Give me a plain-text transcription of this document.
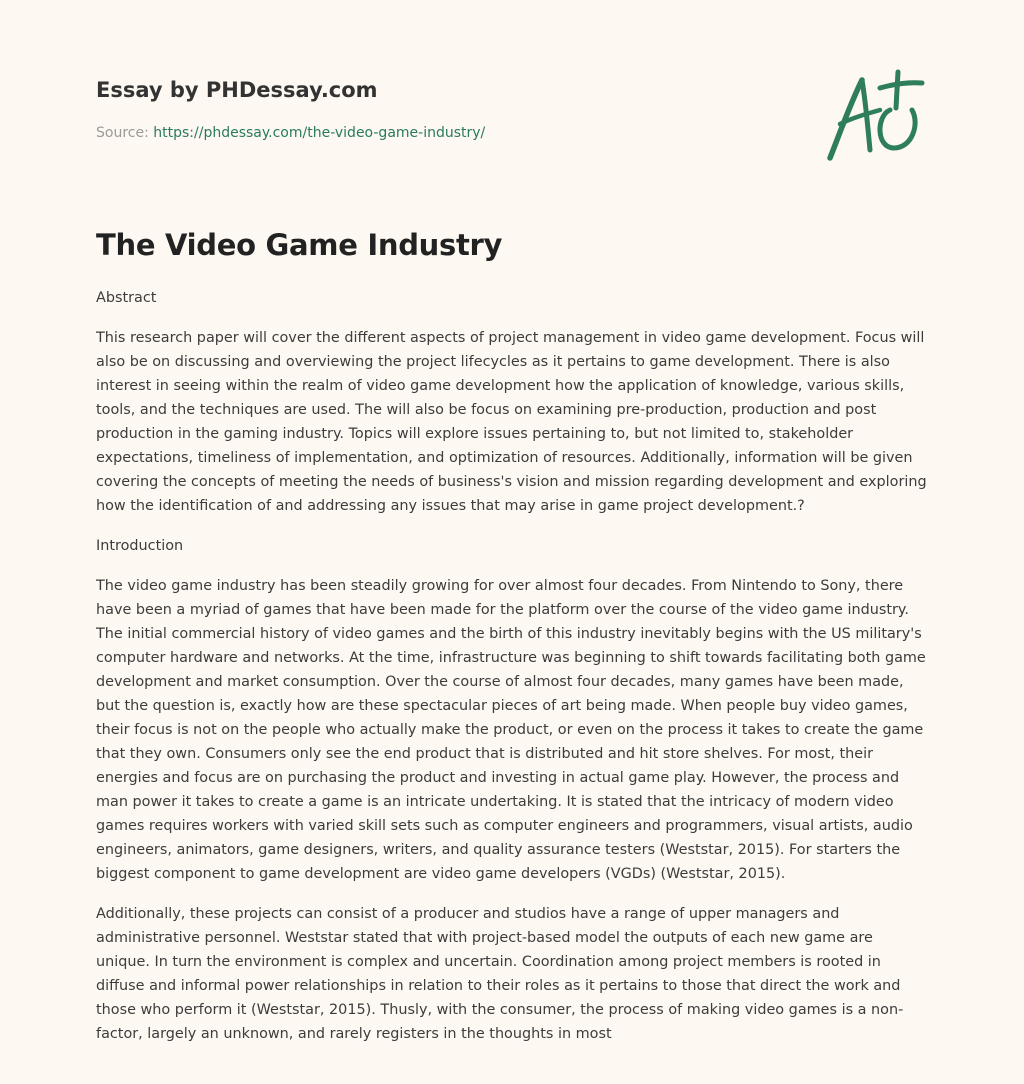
Essay by PHDessay.com
Source: https://phdessay.com/the-video-game-industry/
The Video Game Industry

Abstract

This research paper will cover the different aspects of project management in video game development. Focus will also be on discussing and overviewing the project lifecycles as it pertains to game development. There is also interest in seeing within the realm of video game development how the application of knowledge, various skills, tools, and the techniques are used. The will also be focus on examining pre-production, production and post production in the gaming industry. Topics will explore issues pertaining to, but not limited to, stakeholder expectations, timeliness of implementation, and optimization of resources. Additionally, information will be given covering the concepts of meeting the needs of business's vision and mission regarding development and exploring how the identification of and addressing any issues that may arise in game project development.?

Introduction

The video game industry has been steadily growing for over almost four decades. From Nintendo to Sony, there have been a myriad of games that have been made for the platform over the course of the video game industry. The initial commercial history of video games and the birth of this industry inevitably begins with the US military's computer hardware and networks. At the time, infrastructure was beginning to shift towards facilitating both game development and market consumption. Over the course of almost four decades, many games have been made, but the question is, exactly how are these spectacular pieces of art being made. When people buy video games, their focus is not on the people who actually make the product, or even on the process it takes to create the game that they own. Consumers only see the end product that is distributed and hit store shelves. For most, their energies and focus are on purchasing the product and investing in actual game play. However, the process and man power it takes to create a game is an intricate undertaking. It is stated that the intricacy of modern video games requires workers with varied skill sets such as computer engineers and programmers, visual artists, audio engineers, animators, game designers, writers, and quality assurance testers (Weststar, 2015). For starters the biggest component to game development are video game developers (VGDs) (Weststar, 2015).

Additionally, these projects can consist of a producer and studios have a range of upper managers and administrative personnel. Weststar stated that with project-based model the outputs of each new game are unique. In turn the environment is complex and uncertain. Coordination among project members is rooted in diffuse and informal power relationships in relation to their roles as it pertains to those that direct the work and those who perform it (Weststar, 2015). Thusly, with the consumer, the process of making video games is a non-factor, largely an unknown, and rarely registers in the thoughts in most
